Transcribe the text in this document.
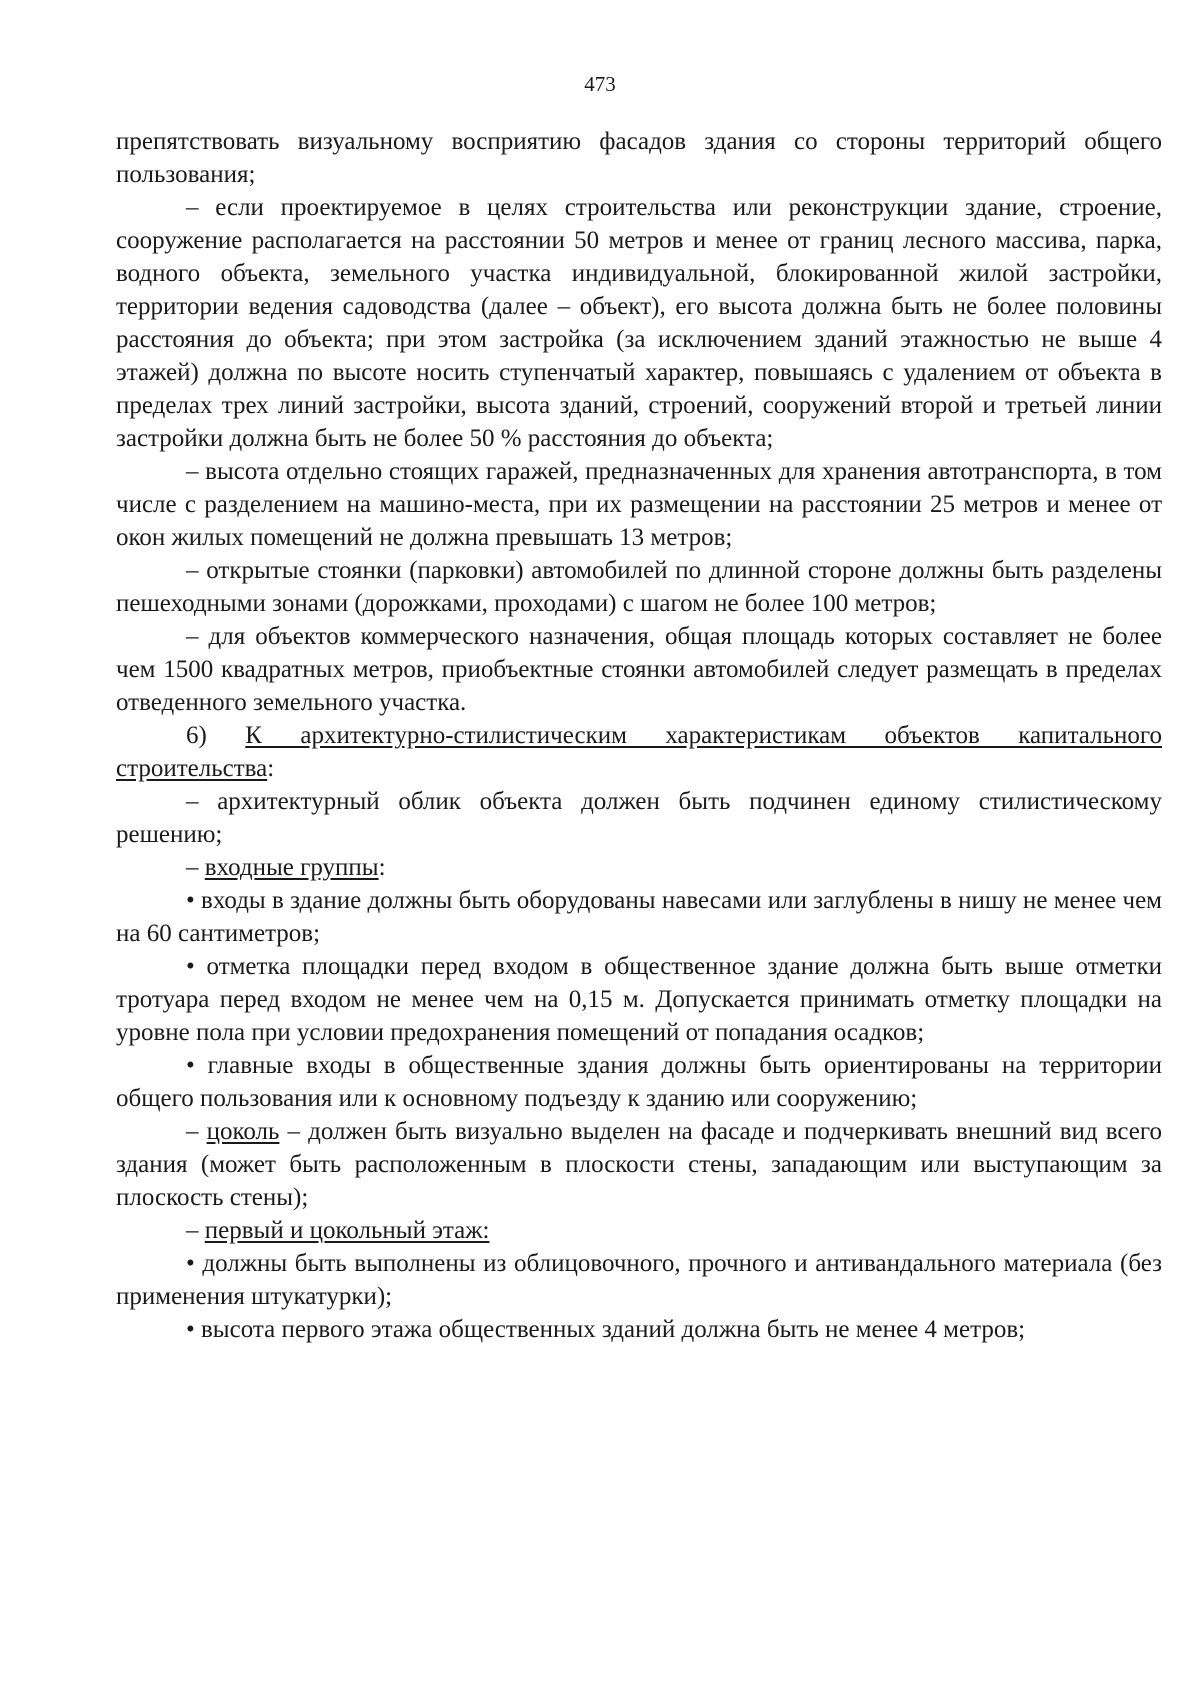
473

препятствовать визуальному восприятию фасадов здания со стороны территорий общего пользования;

– если проектируемое в целях строительства или реконструкции здание, строение, сооружение располагается на расстоянии 50 метров и менее от границ лесного массива, парка, водного объекта, земельного участка индивидуальной, блокированной жилой застройки, территории ведения садоводства (далее – объект), его высота должна быть не более половины расстояния до объекта; при этом застройка (за исключением зданий этажностью не выше 4 этажей) должна по высоте носить ступенчатый характер, повышаясь с удалением от объекта в пределах трех линий застройки, высота зданий, строений, сооружений второй и третьей линии застройки должна быть не более 50 % расстояния до объекта;

– высота отдельно стоящих гаражей, предназначенных для хранения автотранспорта, в том числе с разделением на машино-места, при их размещении на расстоянии 25 метров и менее от окон жилых помещений не должна превышать 13 метров;

– открытые стоянки (парковки) автомобилей по длинной стороне должны быть разделены пешеходными зонами (дорожками, проходами) с шагом не более 100 метров;

– для объектов коммерческого назначения, общая площадь которых составляет не более чем 1500 квадратных метров, приобъектные стоянки автомобилей следует размещать в пределах отведенного земельного участка.

6) К архитектурно-стилистическим характеристикам объектов капитального строительства:

– архитектурный облик объекта должен быть подчинен единому стилистическому решению;

– входные группы:

• входы в здание должны быть оборудованы навесами или заглублены в нишу не менее чем на 60 сантиметров;

• отметка площадки перед входом в общественное здание должна быть выше отметки тротуара перед входом не менее чем на 0,15 м. Допускается принимать отметку площадки на уровне пола при условии предохранения помещений от попадания осадков;

• главные входы в общественные здания должны быть ориентированы на территории общего пользования или к основному подъезду к зданию или сооружению;

– цоколь – должен быть визуально выделен на фасаде и подчеркивать внешний вид всего здания (может быть расположенным в плоскости стены, западающим или выступающим за плоскость стены);

– первый и цокольный этаж:

• должны быть выполнены из облицовочного, прочного и антивандального материала (без применения штукатурки);

• высота первого этажа общественных зданий должна быть не менее 4 метров;
